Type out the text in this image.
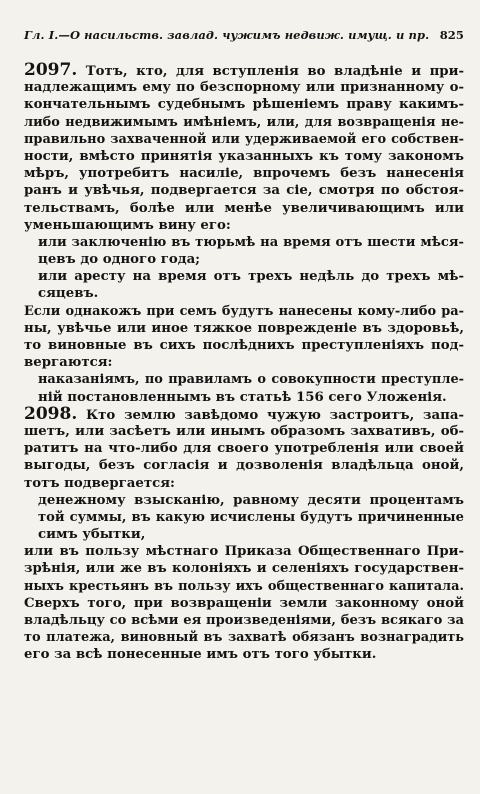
Гл. I.—О насильств. завлад. чужимъ недвиж. имущ. и пр. 825
2097. Тотъ, кто, для вступленія во владѣніе и при-
надлежащимъ ему по безспорному или признанному о-
кончательнымъ судебнымъ рѣшеніемъ праву какимъ-
либо недвижимымъ имѣніемъ, или, для возвращенія не-
правильно захваченной или удерживаемой его собствен-
ности, вмѣсто принятія указанныхъ къ тому закономъ
мѣръ, употребитъ насиліе, впрочемъ безъ нанесенія
ранъ и увѣчья, подвергается за сіе, смотря по обстоя-
тельствамъ, болѣе или менѣе увеличивающимъ или
уменьшающимъ вину его:
или заключенію въ тюрьмѣ на время отъ шести мѣся-
цевъ до одного года;
или аресту на время отъ трехъ недѣль до трехъ мѣ-
сяцевъ.
Если однакожъ при семъ будутъ нанесены кому-либо ра-
ны, увѣчье или иное тяжкое поврежденіе въ здоровьѣ,
то виновные въ сихъ послѣднихъ преступленіяхъ под-
вергаются:
наказаніямъ, по правиламъ о совокупности преступле-
ній постановленнымъ въ статьѣ 156 сего Уложенія.
2098. Кто землю завѣдомо чужую застроитъ, запа-
шетъ, или засѣетъ или инымъ образомъ захвативъ, об-
ратитъ на что-либо для своего употребленія или своей
выгоды, безъ согласія и дозволенія владѣльца оной,
тотъ подвергается:
денежному взысканію, равному десяти процентамъ
той суммы, въ какую исчислены будутъ причиненные
симъ убытки,
или въ пользу мѣстнаго Приказа Общественнаго При-
зрѣнія, или же въ колоніяхъ и селеніяхъ государствен-
ныхъ крестьянъ въ пользу ихъ общественнаго капитала.
Сверхъ того, при возвращеніи земли законному оной
владѣльцу со всѣми ея произведеніями, безъ всякаго за
то платежа, виновный въ захватѣ обязанъ вознаградить
его за всѣ понесенные имъ отъ того убытки.
